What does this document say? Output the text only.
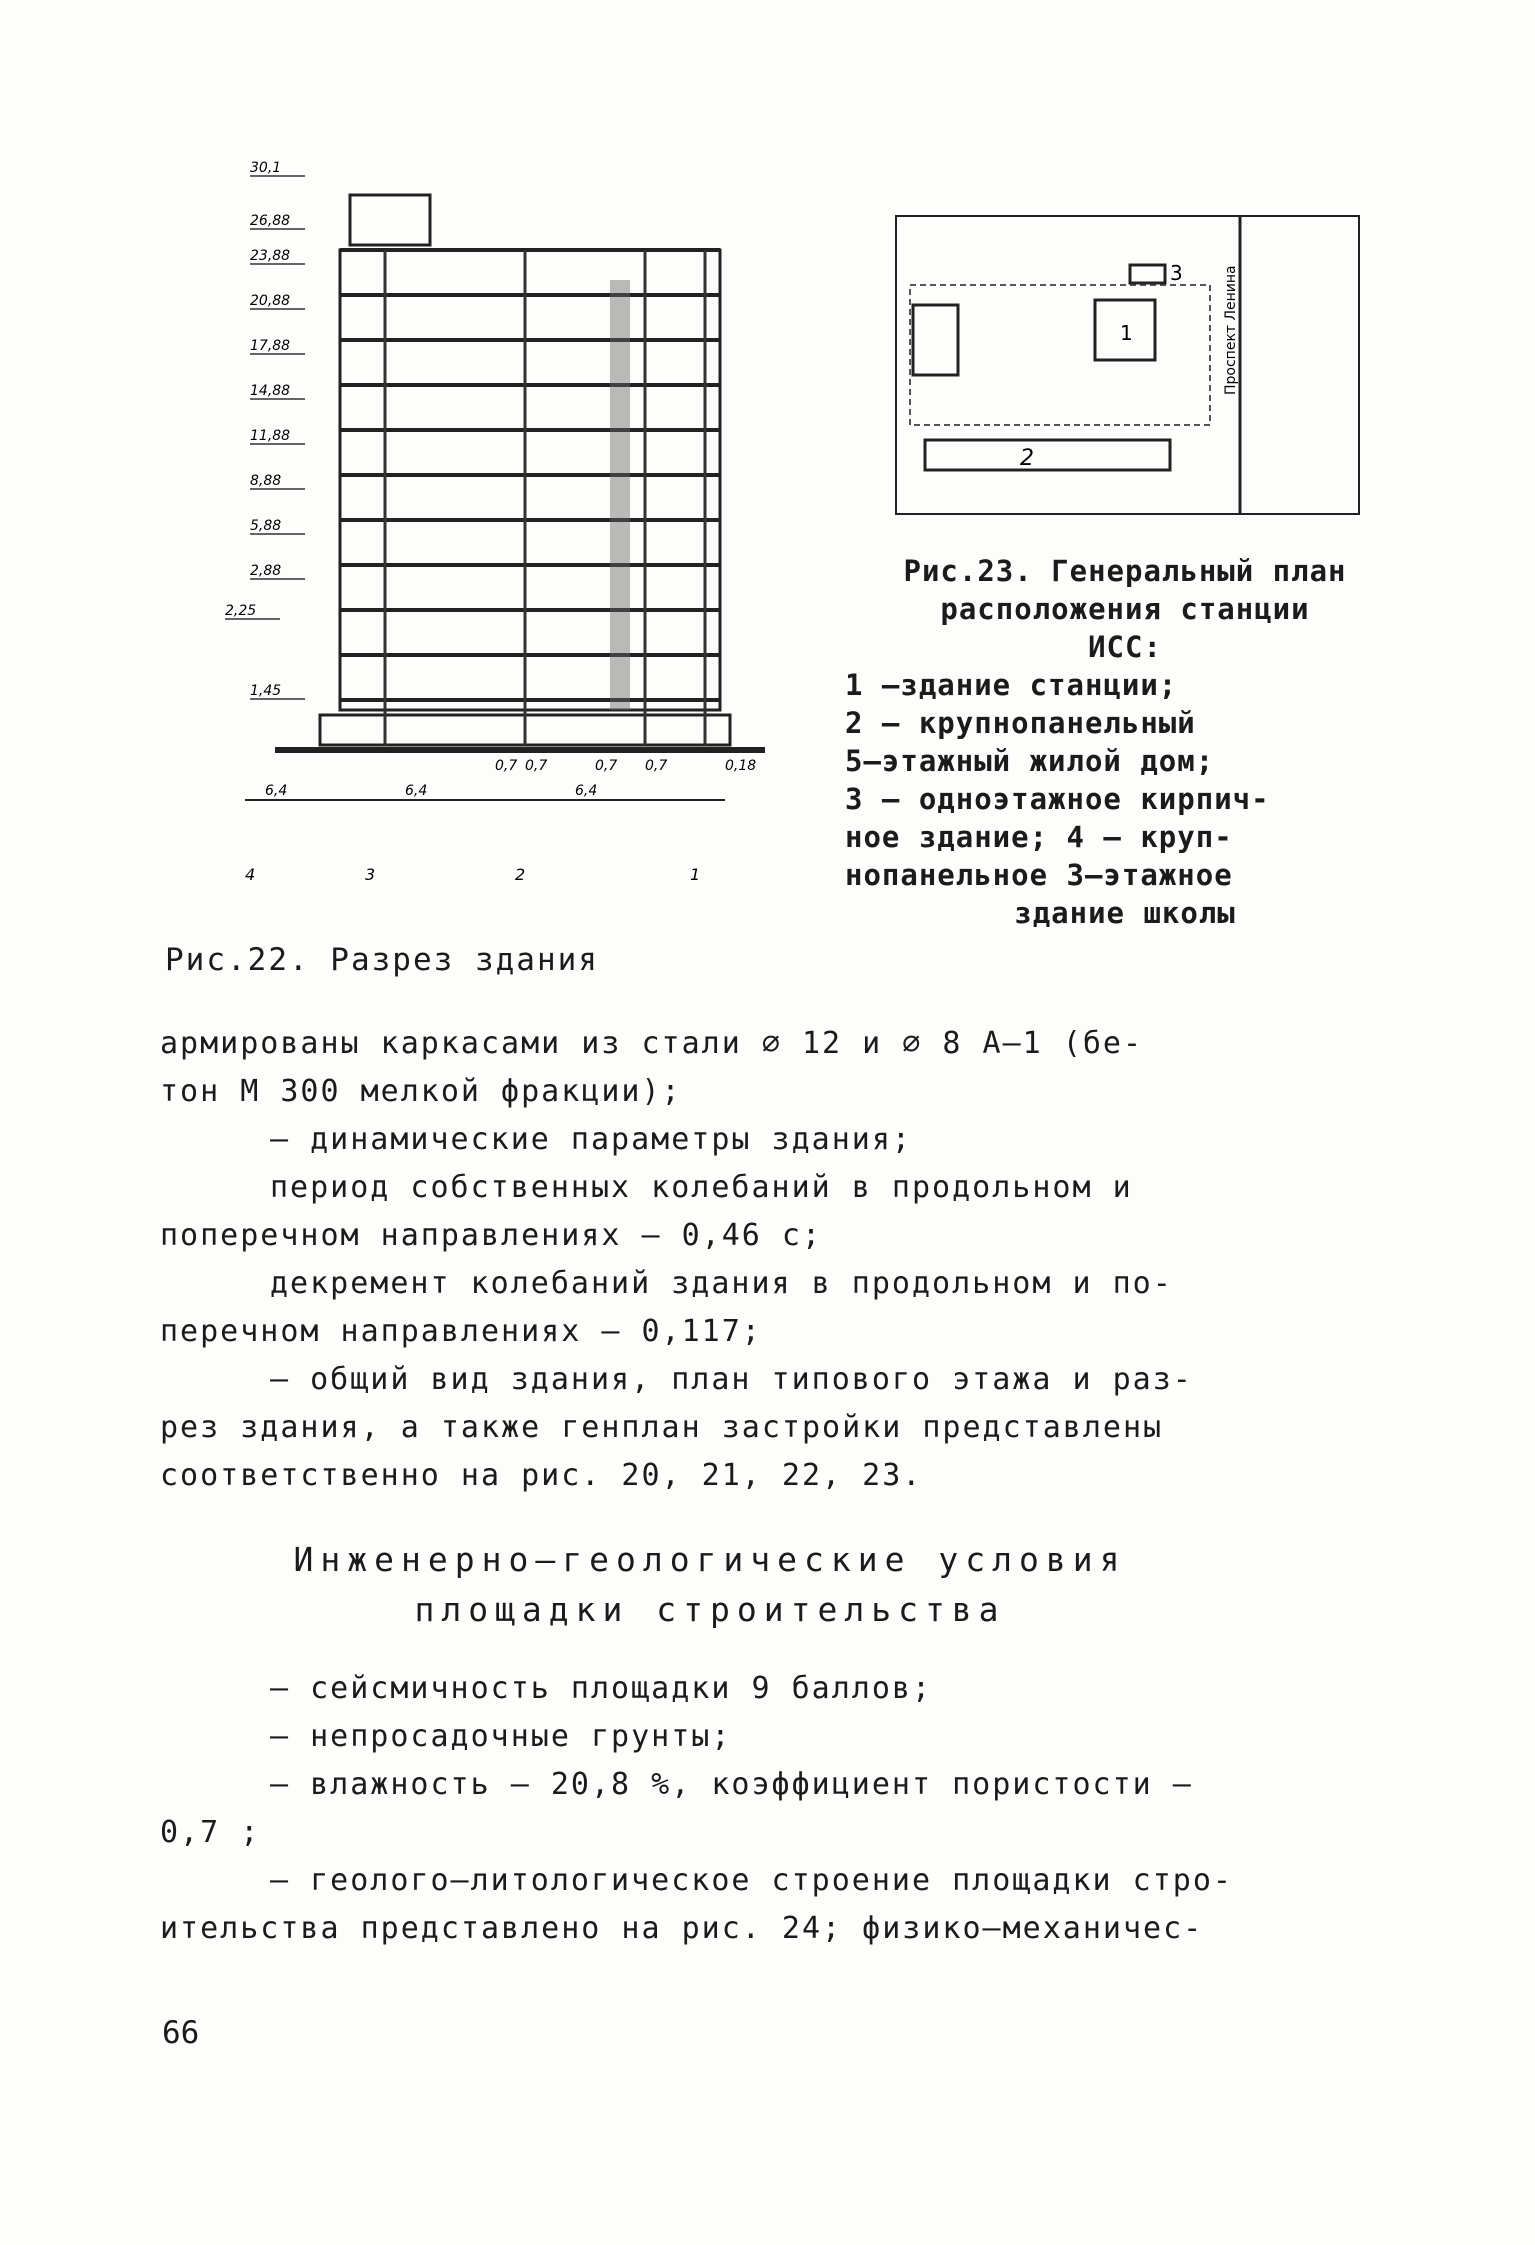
30,1
26,88
23,88
20,88
17,88
14,88
11,88
8,88
5,88
2,88
2,25
1,45
0,7 0,7	0,7 0,7	0,18
6,4	6,4	6,4
4	3	2	1
1
2
3	Проспект Ленина
Рис.23. Генеральный план
расположения станции
ИСС:
1 –здание станции;
2 – крупнопанельный
5–этажный жилой дом;
3 – одноэтажное кирпич-
ное здание; 4 – круп-
нопанельное 3–этажное
здание школы
Рис.22. Разрез здания

армированы каркасами из стали ∅ 12 и ∅ 8 А–1 (бе-

тон М 300 мелкой фракции);

– динамические параметры здания;

период собственных колебаний в продольном и

поперечном направлениях – 0,46 с;

декремент колебаний здания в продольном и по-

перечном направлениях – 0,117;

– общий вид здания, план типового этажа и раз-

рез здания, а также генплан застройки представлены

соответственно на рис. 20, 21, 22, 23.

Инженерно–геологические условия
площадки строительства

– сейсмичность площадки 9 баллов;

– непросадочные грунты;

– влажность – 20,8 %, коэффициент пористости –

0,7 ;

– геолого–литологическое строение площадки стро-

ительства представлено на рис. 24; физико–механичес-

66
